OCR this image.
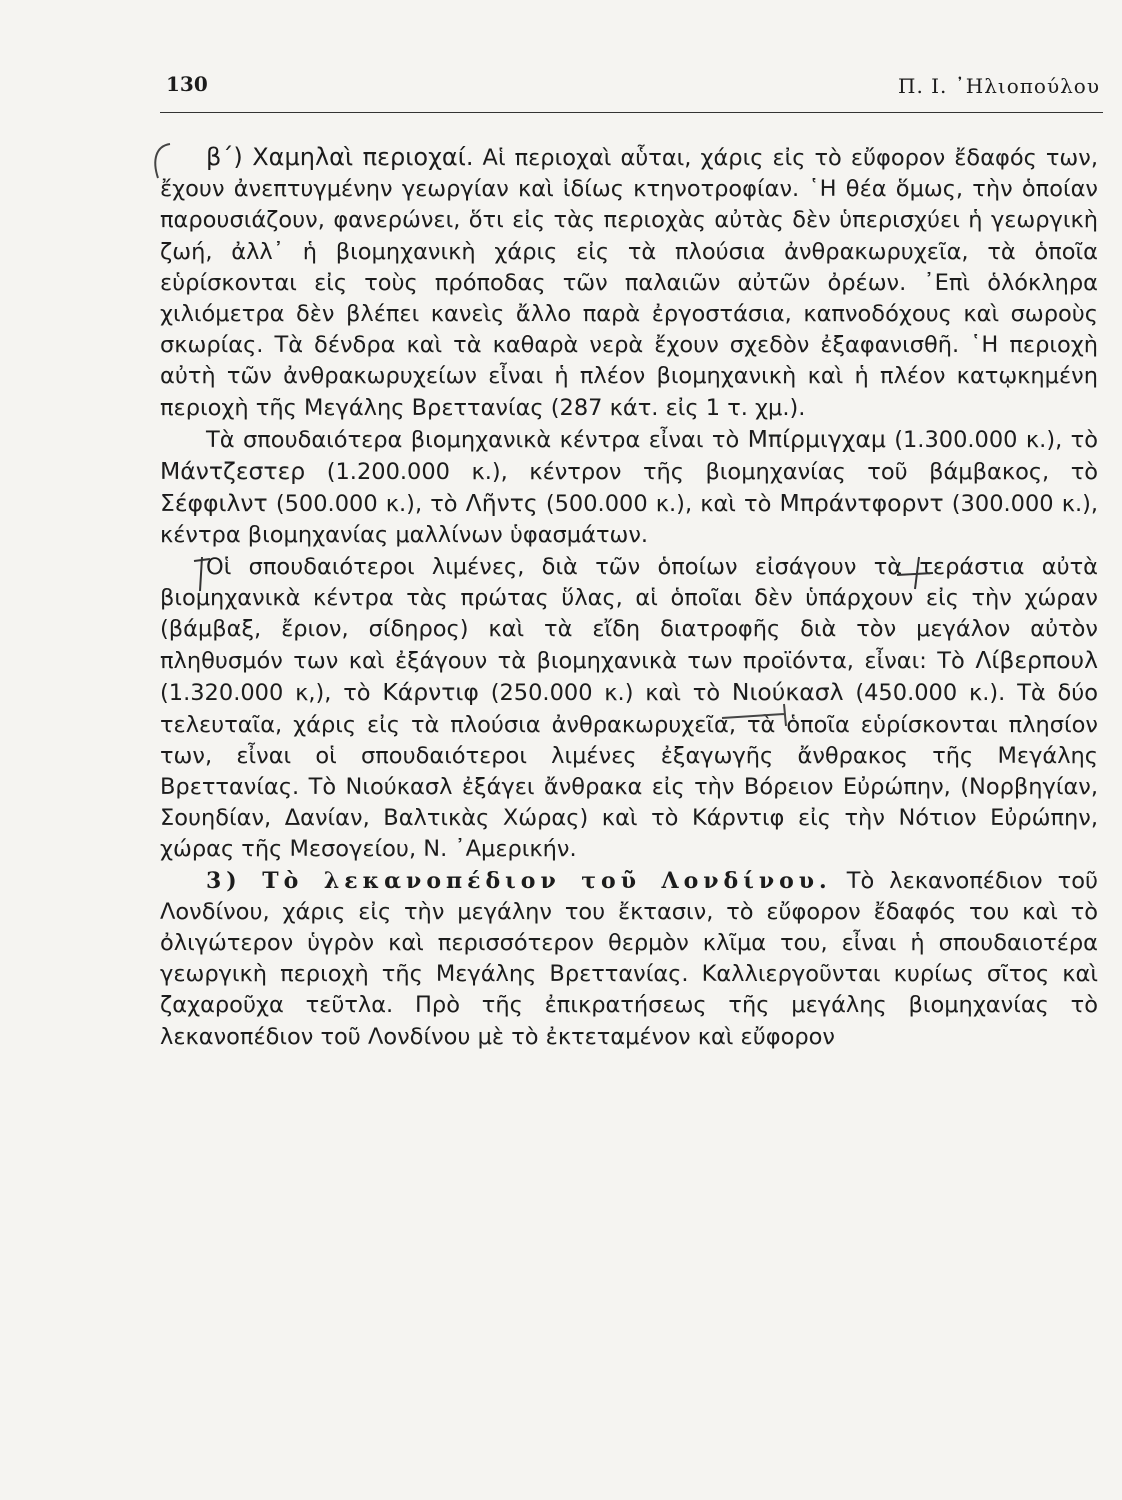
130	Π. Ι. ᾿Ηλιοπούλου

β΄) Χαμηλαὶ περιοχαί. Αἱ περιοχαὶ αὗται, χάρις εἰς τὸ εὔφορον ἔδαφός των, ἔχουν ἀνεπτυγμένην γεωργίαν καὶ ἰδίως κτηνοτροφίαν. ῾Η θέα ὅμως, τὴν ὁποίαν παρουσιάζουν, φανερώνει, ὅτι εἰς τὰς περιοχὰς αὐτὰς δὲν ὑπερισχύει ἡ γεωργικὴ ζωή, ἀλλ᾿ ἡ βιομηχανικὴ χάρις εἰς τὰ πλούσια ἀνθρακωρυχεῖα, τὰ ὁποῖα εὑρίσκονται εἰς τοὺς πρόποδας τῶν παλαιῶν αὐτῶν ὀρέων. ᾿Επὶ ὁλόκληρα χιλιόμετρα δὲν βλέπει κανεὶς ἄλλο παρὰ ἐργοστάσια, καπνοδόχους καὶ σωροὺς σκωρίας. Τὰ δένδρα καὶ τὰ καθαρὰ νερὰ ἔχουν σχεδὸν ἐξαφανισθῆ. ῾Η περιοχὴ αὐτὴ τῶν ἀνθρακωρυχείων εἶναι ἡ πλέον βιομηχανικὴ καὶ ἡ πλέον κατῳκημένη περιοχὴ τῆς Μεγάλης Βρεττανίας (287 κάτ. εἰς 1 τ. χμ.).

Τὰ σπουδαιότερα βιομηχανικὰ κέντρα εἶναι τὸ Μπίρμιγχαμ (1.300.000 κ.), τὸ Μάντζεστερ (1.200.000 κ.), κέντρον τῆς βιομηχανίας τοῦ βάμβακος, τὸ Σέφφιλντ (500.000 κ.), τὸ Λῆντς (500.000 κ.), καὶ τὸ Μπράντφορντ (300.000 κ.), κέντρα βιομηχανίας μαλλίνων ὑφασμάτων.

Οἱ σπουδαιότεροι λιμένες, διὰ τῶν ὁποίων εἰσάγουν τὰ τεράστια αὐτὰ βιομηχανικὰ κέντρα τὰς πρώτας ὕλας, αἱ ὁποῖαι δὲν ὑπάρχουν εἰς τὴν χώραν (βάμβαξ, ἔριον, σίδηρος) καὶ τὰ εἴδη διατροφῆς διὰ τὸν μεγάλον αὐτὸν πληθυσμόν των καὶ ἐξάγουν τὰ βιομηχανικὰ των προϊόντα, εἶναι: Τὸ Λίβερπουλ (1.320.000 κ,), τὸ Κάρντιφ (250.000 κ.) καὶ τὸ Νιούκασλ (450.000 κ.). Τὰ δύο τελευταῖα, χάρις εἰς τὰ πλούσια ἀνθρακωρυχεῖα, τὰ ὁποῖα εὑρίσκονται πλησίον των, εἶναι οἱ σπουδαιότεροι λιμένες ἐξαγωγῆς ἄνθρακος τῆς Μεγάλης Βρεττανίας. Τὸ Νιούκασλ ἐξάγει ἄνθρακα εἰς τὴν Βόρειον Εὐρώπην, (Νορβηγίαν, Σουηδίαν, Δανίαν, Βαλτικὰς Χώρας) καὶ τὸ Κάρντιφ εἰς τὴν Νότιον Εὐρώπην, χώρας τῆς Μεσογείου, Ν. ᾿Αμερικήν.

3) Τὸ λεκανοπέδιον τοῦ Λονδίνου. Τὸ λεκανοπέδιον τοῦ Λονδίνου, χάρις εἰς τὴν μεγάλην του ἔκτασιν, τὸ εὔφορον ἔδαφός του καὶ τὸ ὀλιγώτερον ὑγρὸν καὶ περισσότερον θερμὸν κλῖμα του, εἶναι ἡ σπουδαιοτέρα γεωργικὴ περιοχὴ τῆς Μεγάλης Βρεττανίας. Καλλιεργοῦνται κυρίως σῖτος καὶ ζαχαροῦχα τεῦτλα. Πρὸ τῆς ἐπικρατήσεως τῆς μεγάλης βιομηχανίας τὸ λεκανοπέδιον τοῦ Λονδίνου μὲ τὸ ἐκτεταμένον καὶ εὔφορον
